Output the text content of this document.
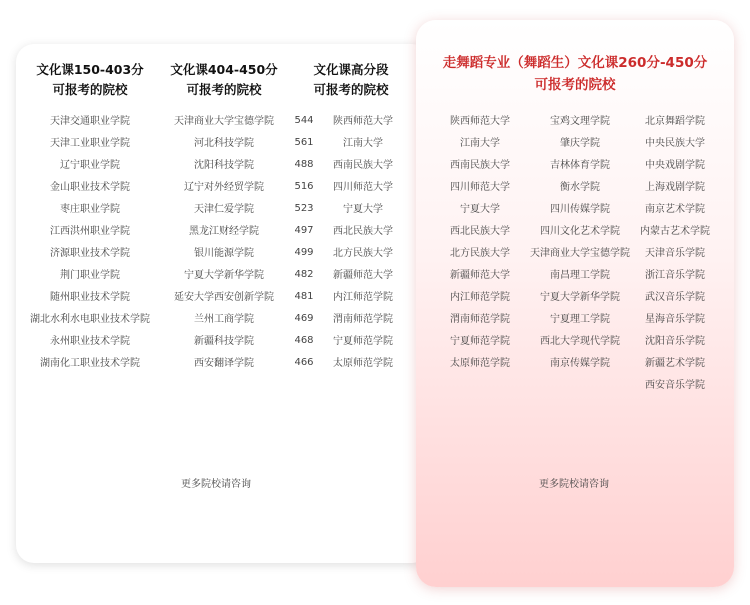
文化课150-403分
可报考的院校
文化课404-450分
可报考的院校
文化课高分段
可报考的院校
天津交通职业学院
天津工业职业学院
辽宁职业学院
金山职业技术学院
枣庄职业学院
江西洪州职业学院
济源职业技术学院
荆门职业学院
随州职业技术学院
湖北水利水电职业技术学院
永州职业技术学院
湖南化工职业技术学院
天津商业大学宝德学院
河北科技学院
沈阳科技学院
辽宁对外经贸学院
天津仁爱学院
黑龙江财经学院
银川能源学院
宁夏大学新华学院
延安大学西安创新学院
兰州工商学院
新疆科技学院
西安翻译学院
544
561
488
516
523
497
499
482
481
469
468
466
陕西师范大学
江南大学
西南民族大学
四川师范大学
宁夏大学
西北民族大学
北方民族大学
新疆师范大学
内江师范学院
渭南师范学院
宁夏师范学院
太原师范学院
更多院校请咨询
走舞蹈专业（舞蹈生）文化课260分-450分
可报考的院校
陕西师范大学
江南大学
西南民族大学
四川师范大学
宁夏大学
西北民族大学
北方民族大学
新疆师范大学
内江师范学院
渭南师范学院
宁夏师范学院
太原师范学院
宝鸡文理学院
肇庆学院
吉林体育学院
衡水学院
四川传媒学院
四川文化艺术学院
天津商业大学宝德学院
南昌理工学院
宁夏大学新华学院
宁夏理工学院
西北大学现代学院
南京传媒学院
北京舞蹈学院
中央民族大学
中央戏剧学院
上海戏剧学院
南京艺术学院
内蒙古艺术学院
天津音乐学院
浙江音乐学院
武汉音乐学院
星海音乐学院
沈阳音乐学院
新疆艺术学院
西安音乐学院
更多院校请咨询
